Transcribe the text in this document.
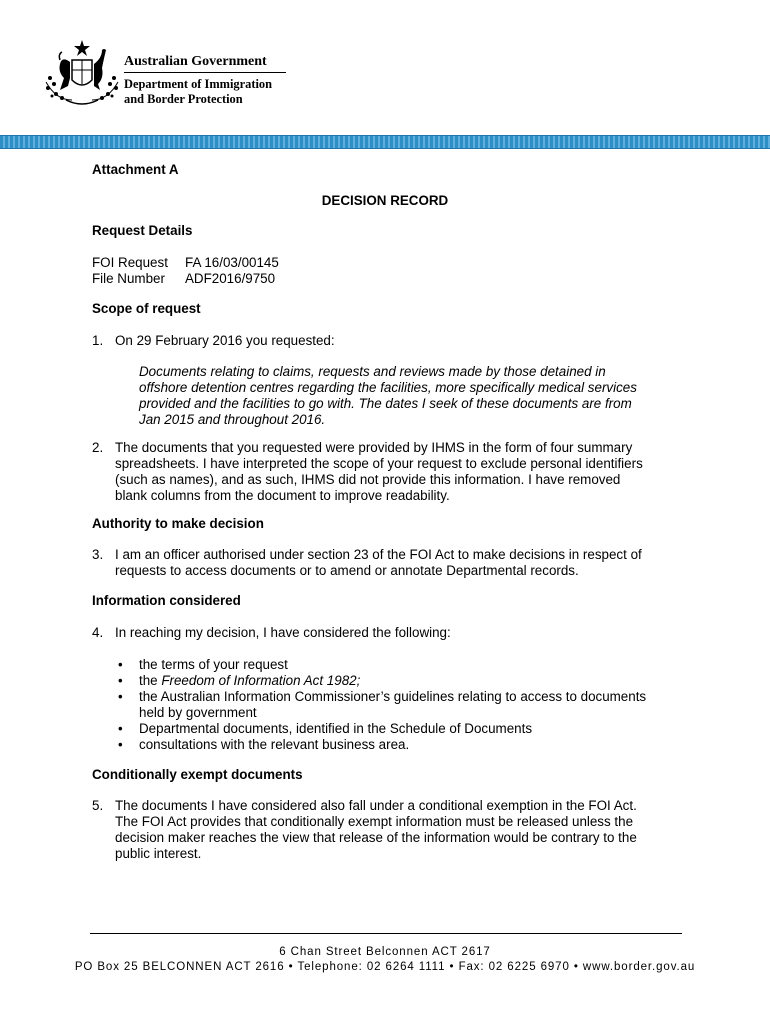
Australian Government
Department of Immigration
and Border Protection
Attachment A
DECISION RECORD
Request Details
FOI Request FA 16/03/00145
File Number ADF2016/9750
Scope of request
1. On 29 February 2016 you requested:
Documents relating to claims, requests and reviews made by those detained in
offshore detention centres regarding the facilities, more specifically medical services
provided and the facilities to go with. The dates I seek of these documents are from
Jan 2015 and throughout 2016.
2. The documents that you requested were provided by IHMS in the form of four summary
spreadsheets. I have interpreted the scope of your request to exclude personal identifiers
(such as names), and as such, IHMS did not provide this information. I have removed
blank columns from the document to improve readability.
Authority to make decision
3. I am an officer authorised under section 23 of the FOI Act to make decisions in respect of
requests to access documents or to amend or annotate Departmental records.
Information considered
4. In reaching my decision, I have considered the following:
• the terms of your request
• the Freedom of Information Act 1982;
• the Australian Information Commissioner’s guidelines relating to access to documents
held by government
• Departmental documents, identified in the Schedule of Documents
• consultations with the relevant business area.
Conditionally exempt documents
5. The documents I have considered also fall under a conditional exemption in the FOI Act.
The FOI Act provides that conditionally exempt information must be released unless the
decision maker reaches the view that release of the information would be contrary to the
public interest.
6 Chan Street Belconnen ACT 2617
PO Box 25 BELCONNEN ACT 2616 • Telephone: 02 6264 1111 • Fax: 02 6225 6970 • www.border.gov.au
